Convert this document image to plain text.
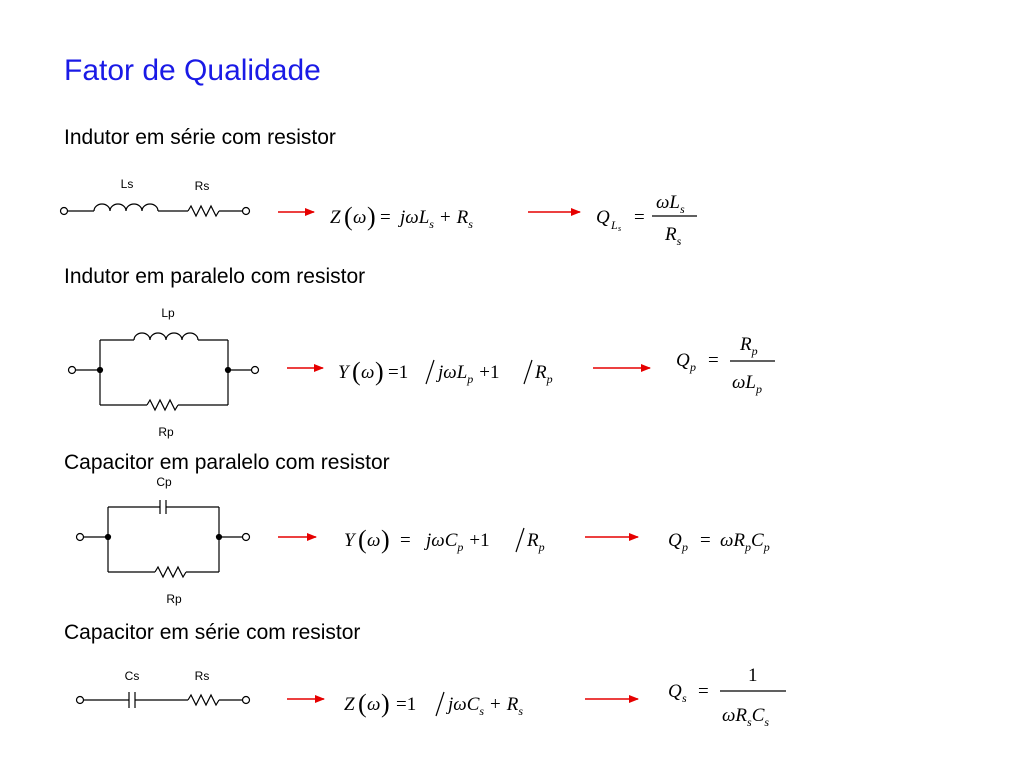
Fator de Qualidade
Indutor em série com resistor
Indutor em paralelo com resistor
Capacitor em paralelo com resistor
Capacitor em série com resistor
Ls	Rs
Z ( ω ) = $j\omega L_s + R_s$	Q L s
=
$\omega L_s$
$R_s$
Lp
Rp
Y ( ω ) =1 jωL$_p$ +1 $R_p$
Q p =
$R_p$
$\omega L_p$
Cp
Rp
Y ( ω ) = jωC$_p$ +1 $R_p$	Q $p = \omega R_pC_p$
Cs	Rs
Z ( ω ) =1 $j\omega C_s + R_s$
Q s =
1
$\omega R_sC_s$
